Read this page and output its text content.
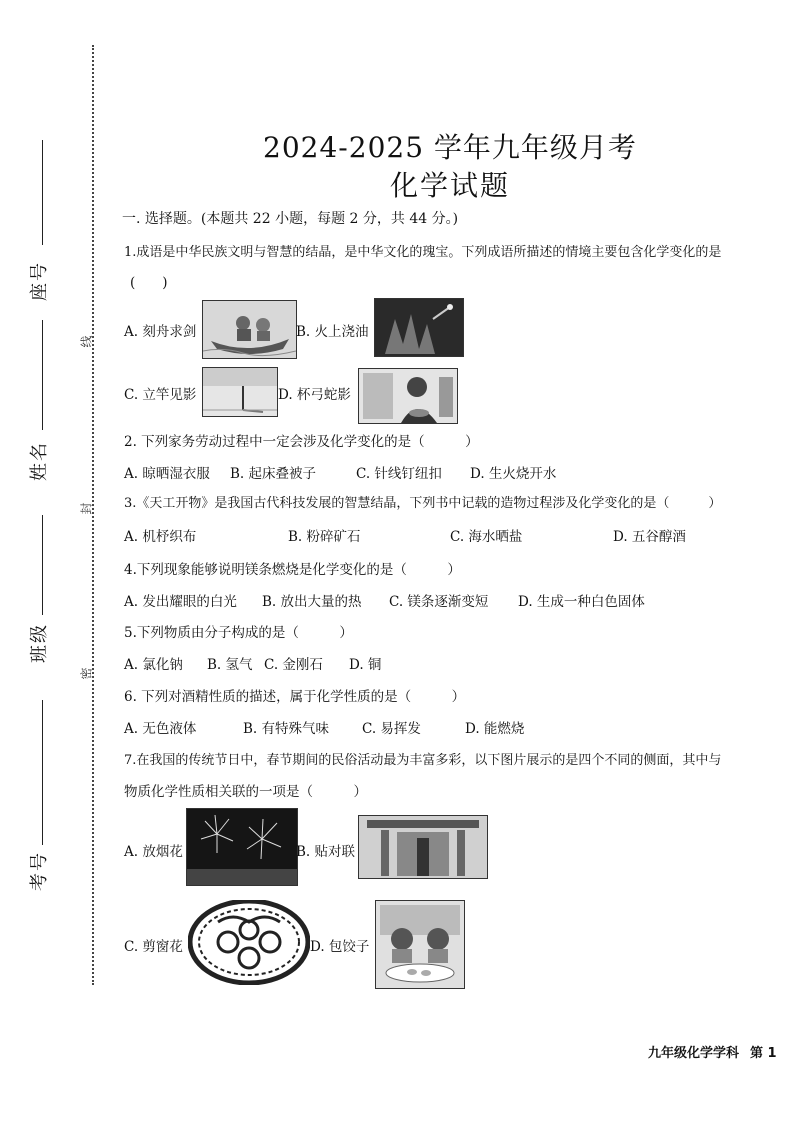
座号
姓名
班级
考号
线
封
密
2024-2025 学年九年级月考
化学试题
一. 选择题。(本题共 22 小题，每题 2 分，共 44 分。)
1.成语是中华民族文明与智慧的结晶，是中华文化的瑰宝。下列成语所描述的情境主要包含化学变化的是
(　　)
A. 刻舟求剑	B. 火上浇油
C. 立竿见影	D. 杯弓蛇影
2. 下列家务劳动过程中一定会涉及化学变化的是（　　　）
A. 晾晒湿衣服 B. 起床叠被子	C. 针线钉纽扣 D. 生火烧开水
3.《天工开物》是我国古代科技发展的智慧结晶，下列书中记载的造物过程涉及化学变化的是（　　　）
A. 机杼织布	B. 粉碎矿石	C. 海水晒盐	D. 五谷醇酒
4.下列现象能够说明镁条燃烧是化学变化的是（　　　）
A. 发出耀眼的白光 B. 放出大量的热 C. 镁条逐渐变短 D. 生成一种白色固体
5.下列物质由分子构成的是（　　　）
A. 氯化钠 B. 氢气 C. 金刚石 D. 铜
6. 下列对酒精性质的描述，属于化学性质的是（　　　）
A. 无色液体	B. 有特殊气味 C. 易挥发	D. 能燃烧
7.在我国的传统节日中，春节期间的民俗活动最为丰富多彩，以下图片展示的是四个不同的侧面，其中与
物质化学性质相关联的一项是（　　　）
A. 放烟花	B. 贴对联
C. 剪窗花	D. 包饺子
九年级化学学科 第 1
